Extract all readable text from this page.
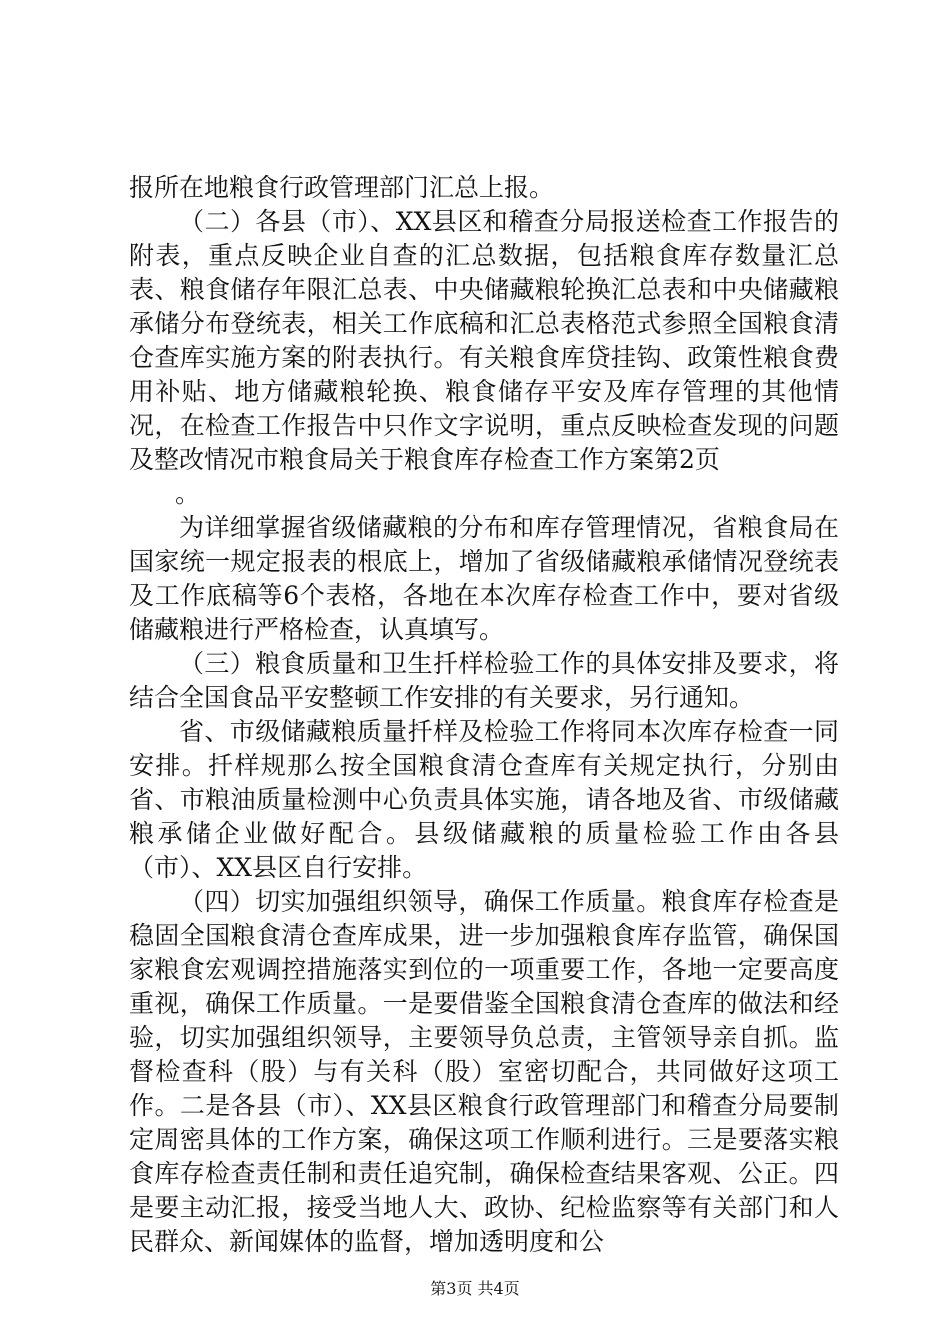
报所在地粮食行政管理部门汇总上报。

（二）各县（市）、XX县区和稽查分局报送检查工作报告的附表，重点反映企业自查的汇总数据，包括粮食库存数量汇总表、粮食储存年限汇总表、中央储藏粮轮换汇总表和中央储藏粮承储分布登统表，相关工作底稿和汇总表格范式参照全国粮食清仓查库实施方案的附表执行。有关粮食库贷挂钩、政策性粮食费用补贴、地方储藏粮轮换、粮食储存平安及库存管理的其他情况，在检查工作报告中只作文字说明，重点反映检查发现的问题及整改情况市粮食局关于粮食库存检查工作方案第2页

。

为详细掌握省级储藏粮的分布和库存管理情况，省粮食局在国家统一规定报表的根底上，增加了省级储藏粮承储情况登统表及工作底稿等6个表格，各地在本次库存检查工作中，要对省级储藏粮进行严格检查，认真填写。

（三）粮食质量和卫生扦样检验工作的具体安排及要求，将结合全国食品平安整顿工作安排的有关要求，另行通知。

省、市级储藏粮质量扦样及检验工作将同本次库存检查一同安排。扦样规那么按全国粮食清仓查库有关规定执行，分别由省、市粮油质量检测中心负责具体实施，请各地及省、市级储藏粮承储企业做好配合。县级储藏粮的质量检验工作由各县（市）、XX县区自行安排。

（四）切实加强组织领导，确保工作质量。粮食库存检查是稳固全国粮食清仓查库成果，进一步加强粮食库存监管，确保国家粮食宏观调控措施落实到位的一项重要工作，各地一定要高度重视，确保工作质量。一是要借鉴全国粮食清仓查库的做法和经验，切实加强组织领导，主要领导负总责，主管领导亲自抓。监督检查科（股）与有关科（股）室密切配合，共同做好这项工作。二是各县（市）、XX县区粮食行政管理部门和稽查分局要制定周密具体的工作方案，确保这项工作顺利进行。三是要落实粮食库存检查责任制和责任追究制，确保检查结果客观、公正。四是要主动汇报，接受当地人大、政协、纪检监察等有关部门和人民群众、新闻媒体的监督，增加透明度和公

第3页 共4页
